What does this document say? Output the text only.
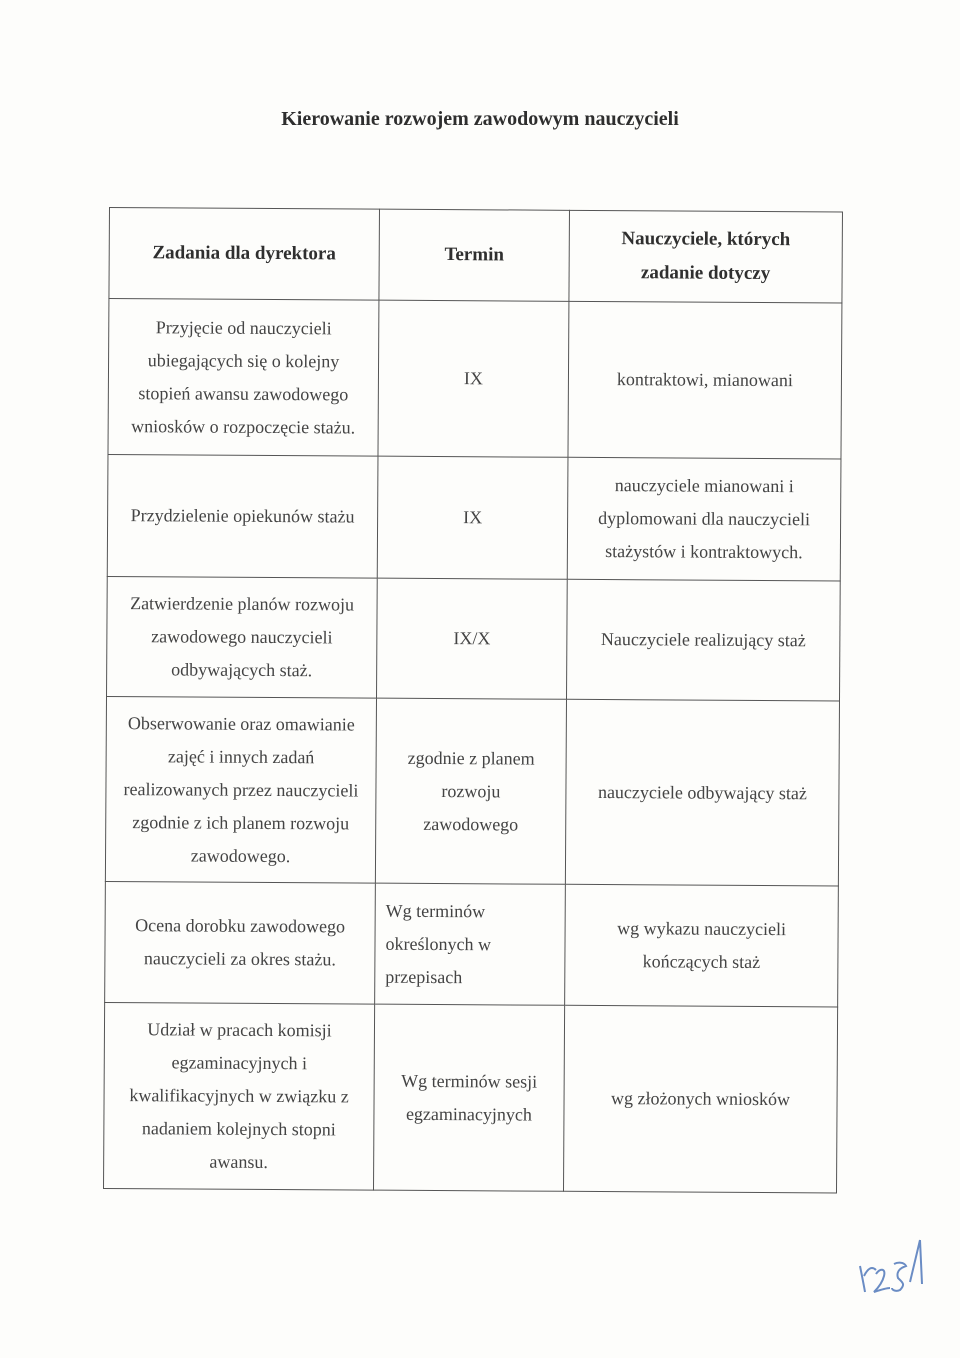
Kierowanie rozwojem zawodowym nauczycieli
Zadania dla dyrektora	Termin	Nauczyciele, których zadanie dotyczy
Przyjęcie od nauczycieli ubiegających się o kolejny stopień awansu zawodowego wniosków o rozpoczęcie stażu.	IX	kontraktowi, mianowani
Przydzielenie opiekunów stażu	IX	nauczyciele mianowani i dyplomowani dla nauczycieli stażystów i kontraktowych.
Zatwierdzenie planów rozwoju zawodowego nauczycieli odbywających staż.	IX/X	Nauczyciele realizujący staż
Obserwowanie oraz omawianie zajęć i innych zadań realizowanych przez nauczycieli zgodnie z ich planem rozwoju zawodowego.	zgodnie z planem rozwoju zawodowego	nauczyciele odbywający staż
Ocena dorobku zawodowego nauczycieli za okres stażu.	Wg terminów określonych w przepisach	wg wykazu nauczycieli kończących staż
Udział w pracach komisji egzaminacyjnych i kwalifikacyjnych w związku z nadaniem kolejnych stopni awansu.	Wg terminów sesji egzaminacyjnych	wg złożonych wniosków
